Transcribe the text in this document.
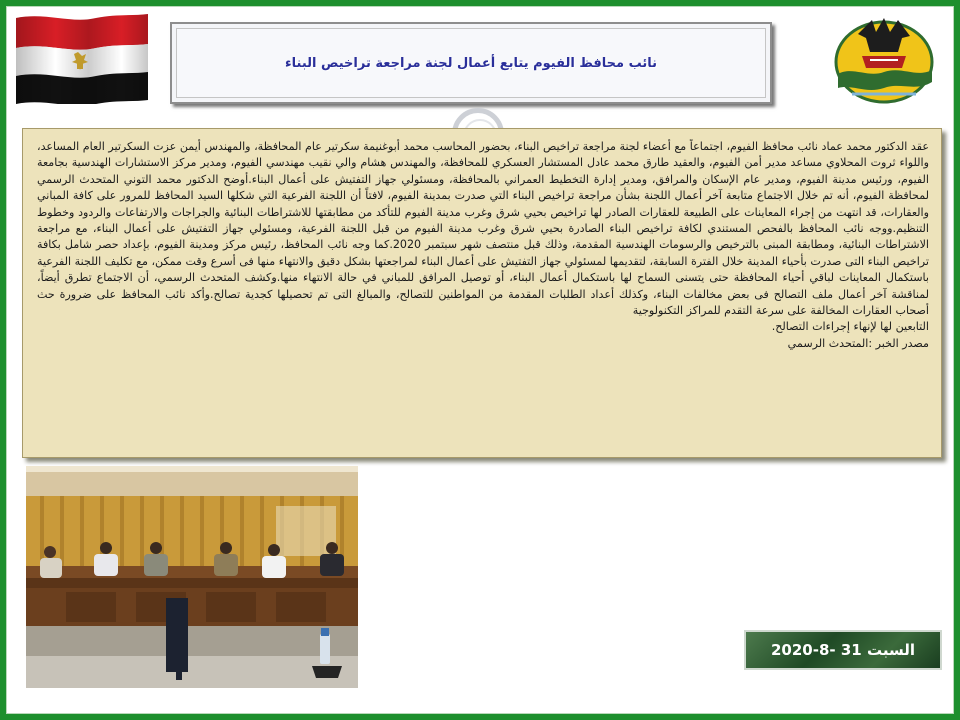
نائب محافظ الفيوم يتابع أعمال لجنة مراجعة تراخيص البناء

عقد الدكتور محمد عماد نائب محافظ الفيوم، اجتماعاً مع أعضاء لجنة مراجعة تراخيص البناء، بحضور المحاسب محمد أبوغنيمة سكرتير عام المحافظة، والمهندس أيمن عزت السكرتير العام المساعد، واللواء ثروت المحلاوي مساعد مدير أمن الفيوم، والعقيد طارق محمد عادل المستشار العسكري للمحافظة، والمهندس هشام والي نقيب مهندسي الفيوم، ومدير مركز الاستشارات الهندسية بجامعة الفيوم، ورئيس مدينة الفيوم، ومدير عام الإسكان والمرافق، ومدير إدارة التخطيط العمراني بالمحافظة، ومسئولي جهاز التفتيش على أعمال البناء.أوضح الدكتور محمد التوني المتحدث الرسمي لمحافظة الفيوم، أنه تم خلال الاجتماع متابعة آخر أعمال اللجنة بشأن مراجعة تراخيص البناء التي صدرت بمدينة الفيوم، لافتاً أن اللجنة الفرعية التي شكلها السيد المحافظ للمرور على كافة المباني والعقارات، قد انتهت من إجراء المعاينات على الطبيعة للعقارات الصادر لها تراخيص بحيي شرق وغرب مدينة الفيوم للتأكد من مطابقتها للاشتراطات البنائية والجراجات والارتفاعات والردود وخطوط التنظيم.ووجه نائب المحافظ بالفحص المستندي لكافة تراخيص البناء الصادرة بحيي شرق وغرب مدينة الفيوم من قبل اللجنة الفرعية، ومسئولي جهاز التفتيش على أعمال البناء، مع مراجعة الاشتراطات البنائية، ومطابقة المبنى بالترخيص والرسومات الهندسية المقدمة، وذلك قبل منتصف شهر سبتمبر 2020.كما وجه نائب المحافظ، رئيس مركز ومدينة الفيوم، بإعداد حصر شامل بكافة تراخيص البناء التى صدرت بأحياء المدينة خلال الفترة السابقة، لتقديمها لمسئولي جهاز التفتيش على أعمال البناء لمراجعتها بشكل دقيق والانتهاء منها فى أسرع وقت ممكن، مع تكليف اللجنة الفرعية باستكمال المعاينات لباقي أحياء المحافظة حتى يتسنى السماح لها باستكمال أعمال البناء، أو توصيل المرافق للمباني في حالة الانتهاء منها.وكشف المتحدث الرسمي، أن الاجتماع تطرق أيضاً، لمناقشة آخر أعمال ملف التصالح فى بعض مخالفات البناء، وكذلك أعداد الطلبات المقدمة من المواطنين للتصالح، والمبالغ التى تم تحصيلها كجدية تصالح.وأكد نائب المحافظ على ضرورة حث أصحاب العقارات المخالفة على سرعة التقدم للمراكز التكنولوجية

التابعين لها لإنهاء إجراءات التصالح.

مصدر الخبر :المتحدث الرسمي

السبت 31 -8-2020
